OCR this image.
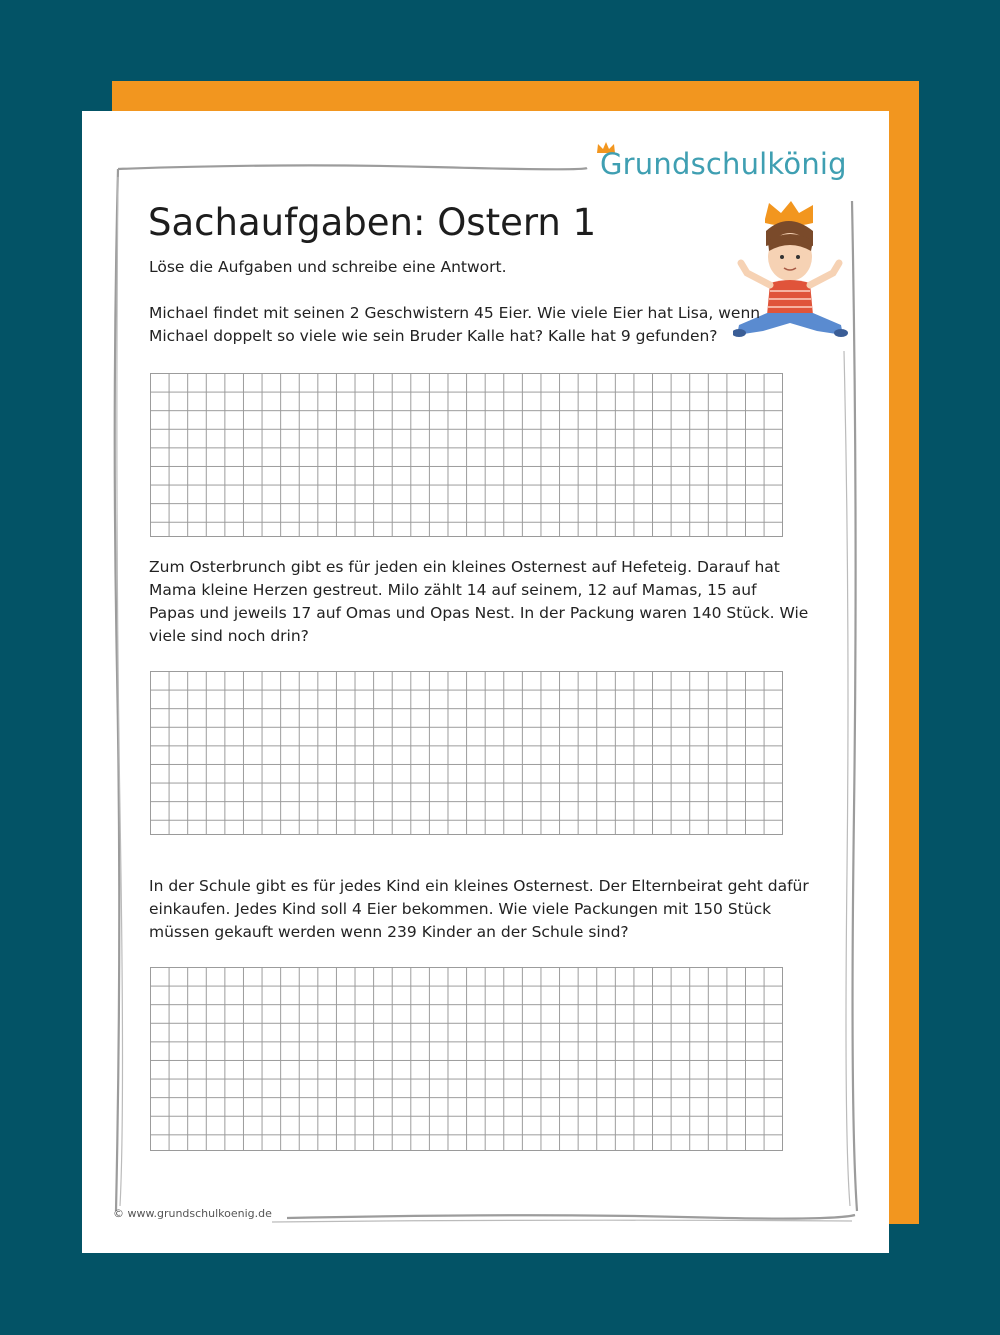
Grundschulkönig
Sachaufgaben: Ostern 1
Löse die Aufgaben und schreibe eine Antwort.

Michael findet mit seinen 2 Geschwistern 45 Eier. Wie viele Eier hat Lisa, wenn
Michael doppelt so viele wie sein Bruder Kalle hat? Kalle hat 9 gefunden?

Zum Osterbrunch gibt es für jeden ein kleines Osternest auf Hefeteig. Darauf hat
Mama kleine Herzen gestreut. Milo zählt 14 auf seinem, 12 auf Mamas, 15 auf
Papas und jeweils 17 auf Omas und Opas Nest. In der Packung waren 140 Stück. Wie
viele sind noch drin?

In der Schule gibt es für jedes Kind ein kleines Osternest. Der Elternbeirat geht dafür
einkaufen. Jedes Kind soll 4 Eier bekommen. Wie viele Packungen mit 150 Stück
müssen gekauft werden wenn 239 Kinder an der Schule sind?

© www.grundschulkoenig.de
